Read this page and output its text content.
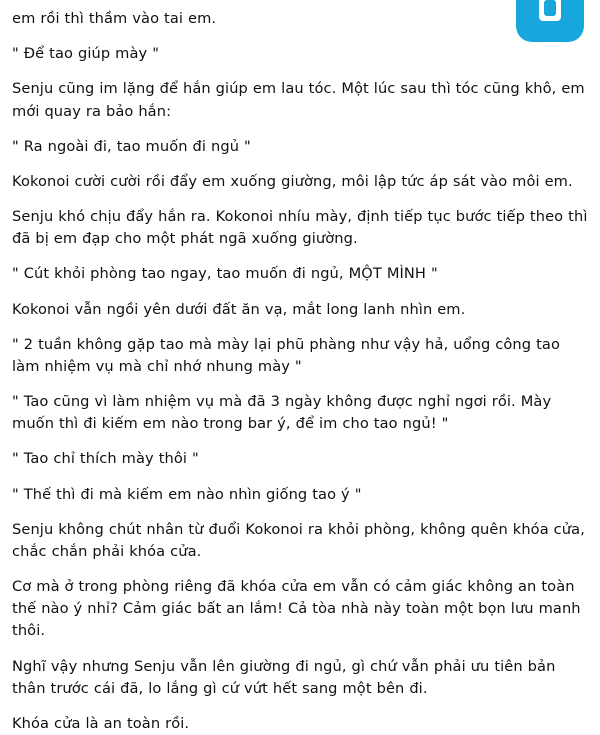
em rồi thì thầm vào tai em.

" Để tao giúp mày "

Senju cũng im lặng để hắn giúp em lau tóc. Một lúc sau thì tóc cũng khô, em mới quay ra bảo hắn:

" Ra ngoài đi, tao muốn đi ngủ "

Kokonoi cười cười rồi đẩy em xuống giường, môi lập tức áp sát vào môi em.

Senju khó chịu đẩy hắn ra. Kokonoi nhíu mày, định tiếp tục bước tiếp theo thì đã bị em đạp cho một phát ngã xuống giường.

" Cút khỏi phòng tao ngay, tao muốn đi ngủ, MỘT MÌNH "

Kokonoi vẫn ngồi yên dưới đất ăn vạ, mắt long lanh nhìn em.

" 2 tuần không gặp tao mà mày lại phũ phàng như vậy hả, uổng công tao làm nhiệm vụ mà chỉ nhớ nhung mày "

" Tao cũng vì làm nhiệm vụ mà đã 3 ngày không được nghỉ ngơi rồi. Mày muốn thì đi kiếm em nào trong bar ý, để im cho tao ngủ! "

" Tao chỉ thích mày thôi "

" Thế thì đi mà kiếm em nào nhìn giống tao ý "

Senju không chút nhân từ đuổi Kokonoi ra khỏi phòng, không quên khóa cửa, chắc chắn phải khóa cửa.

Cơ mà ở trong phòng riêng đã khóa cửa em vẫn có cảm giác không an toàn thế nào ý nhỉ? Cảm giác bất an lắm! Cả tòa nhà này toàn một bọn lưu manh thôi.

Nghĩ vậy nhưng Senju vẫn lên giường đi ngủ, gì chứ vẫn phải ưu tiên bản thân trước cái đã, lo lắng gì cứ vứt hết sang một bên đi.

Khóa cửa là an toàn rồi.
